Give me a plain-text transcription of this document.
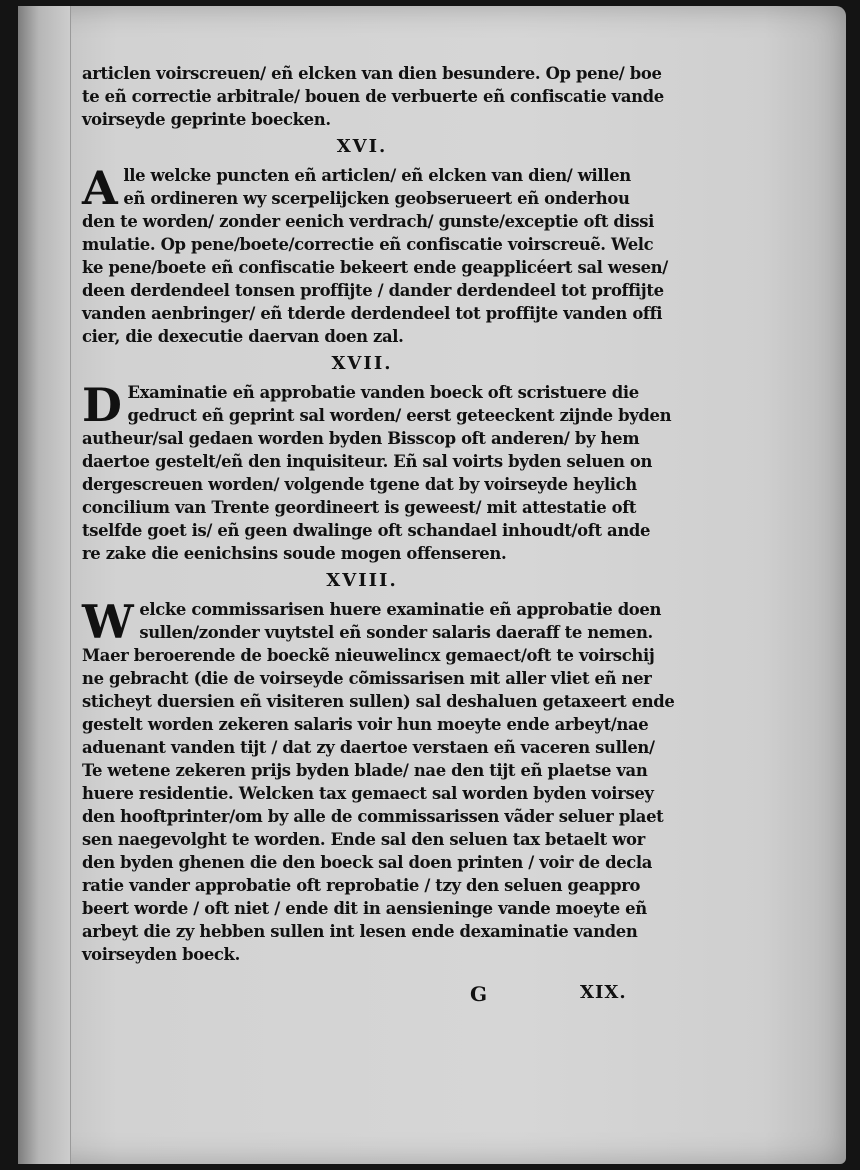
articlen voirscreuen/ eñ elcken van dien besundere. Op pene/ boe
te eñ correctie arbitrale/ bouen de verbuerte eñ confiscatie vande
voirseyde geprinte boecken.
XVI.
A lle welcke puncten eñ articlen/ eñ elcken van dien/ willen
eñ ordineren wy scerpelijcken geobserueert eñ onderhou
den te worden/ zonder eenich verdrach/ gunste/exceptie oft dissi
mulatie. Op pene/boete/correctie eñ confiscatie voirscreuẽ. Welc
ke pene/boete eñ confiscatie bekeert ende geapplicéert sal wesen/
deen derdendeel tonsen proffijte / dander derdendeel tot proffijte
vanden aenbringer/ eñ tderde derdendeel tot proffijte vanden offi
cier, die dexecutie daervan doen zal.
XVII.
D Examinatie eñ approbatie vanden boeck oft scristuere die
gedruct eñ geprint sal worden/ eerst geteeckent zijnde byden
autheur/sal gedaen worden byden Bisscop oft anderen/ by hem
daertoe gestelt/eñ den inquisiteur. Eñ sal voirts byden seluen on
dergescreuen worden/ volgende tgene dat by voirseyde heylich
concilium van Trente geordineert is geweest/ mit attestatie oft
tselfde goet is/ eñ geen dwalinge oft schandael inhoudt/oft ande
re zake die eenichsins soude mogen offenseren.
XVIII.
W elcke commissarisen huere examinatie eñ approbatie doen
sullen/zonder vuytstel eñ sonder salaris daeraff te nemen.
Maer beroerende de boeckẽ nieuwelincx gemaect/oft te voirschij
ne gebracht (die de voirseyde cõmissarisen mit aller vliet eñ ner
sticheyt duersien eñ visiteren sullen) sal deshaluen getaxeert ende
gestelt worden zekeren salaris voir hun moeyte ende arbeyt/nae
aduenant vanden tijt / dat zy daertoe verstaen eñ vaceren sullen/
Te wetene zekeren prijs byden blade/ nae den tijt eñ plaetse van
huere residentie. Welcken tax gemaect sal worden byden voirsey
den hooftprinter/om by alle de commissarissen vãder seluer plaet
sen naegevolght te worden. Ende sal den seluen tax betaelt wor
den byden ghenen die den boeck sal doen printen / voir de decla
ratie vander approbatie oft reprobatie / tzy den seluen geappro
beert worde / oft niet / ende dit in aensieninge vande moeyte eñ
arbeyt die zy hebben sullen int lesen ende dexaminatie vanden
voirseyden boeck.
G	XIX.
